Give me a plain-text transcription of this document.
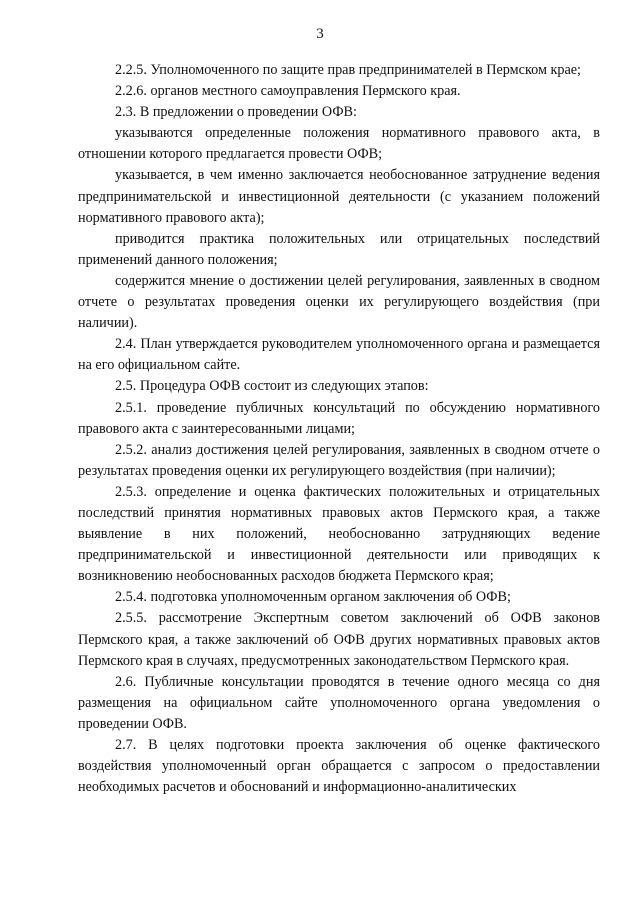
3

2.2.5. Уполномоченного по защите прав предпринимателей в Пермском крае;

2.2.6. органов местного самоуправления Пермского края.

2.3. В предложении о проведении ОФВ:

указываются определенные положения нормативного правового акта, в отношении которого предлагается провести ОФВ;

указывается, в чем именно заключается необоснованное затруднение ведения предпринимательской и инвестиционной деятельности (с указанием положений нормативного правового акта);

приводится практика положительных или отрицательных последствий применений данного положения;

содержится мнение о достижении целей регулирования, заявленных в сводном отчете о результатах проведения оценки их регулирующего воздействия (при наличии).

2.4. План утверждается руководителем уполномоченного органа и размещается на его официальном сайте.

2.5. Процедура ОФВ состоит из следующих этапов:

2.5.1. проведение публичных консультаций по обсуждению нормативного правового акта с заинтересованными лицами;

2.5.2. анализ достижения целей регулирования, заявленных в сводном отчете о результатах проведения оценки их регулирующего воздействия (при наличии);

2.5.3. определение и оценка фактических положительных и отрицательных последствий принятия нормативных правовых актов Пермского края, а также выявление в них положений, необоснованно затрудняющих ведение предпринимательской и инвестиционной деятельности или приводящих к возникновению необоснованных расходов бюджета Пермского края;

2.5.4. подготовка уполномоченным органом заключения об ОФВ;

2.5.5. рассмотрение Экспертным советом заключений об ОФВ законов Пермского края, а также заключений об ОФВ других нормативных правовых актов Пермского края в случаях, предусмотренных законодательством Пермского края.

2.6. Публичные консультации проводятся в течение одного месяца со дня размещения на официальном сайте уполномоченного органа уведомления о проведении ОФВ.

2.7. В целях подготовки проекта заключения об оценке фактического воздействия уполномоченный орган обращается с запросом о предоставлении необходимых расчетов и обоснований и информационно-аналитических
